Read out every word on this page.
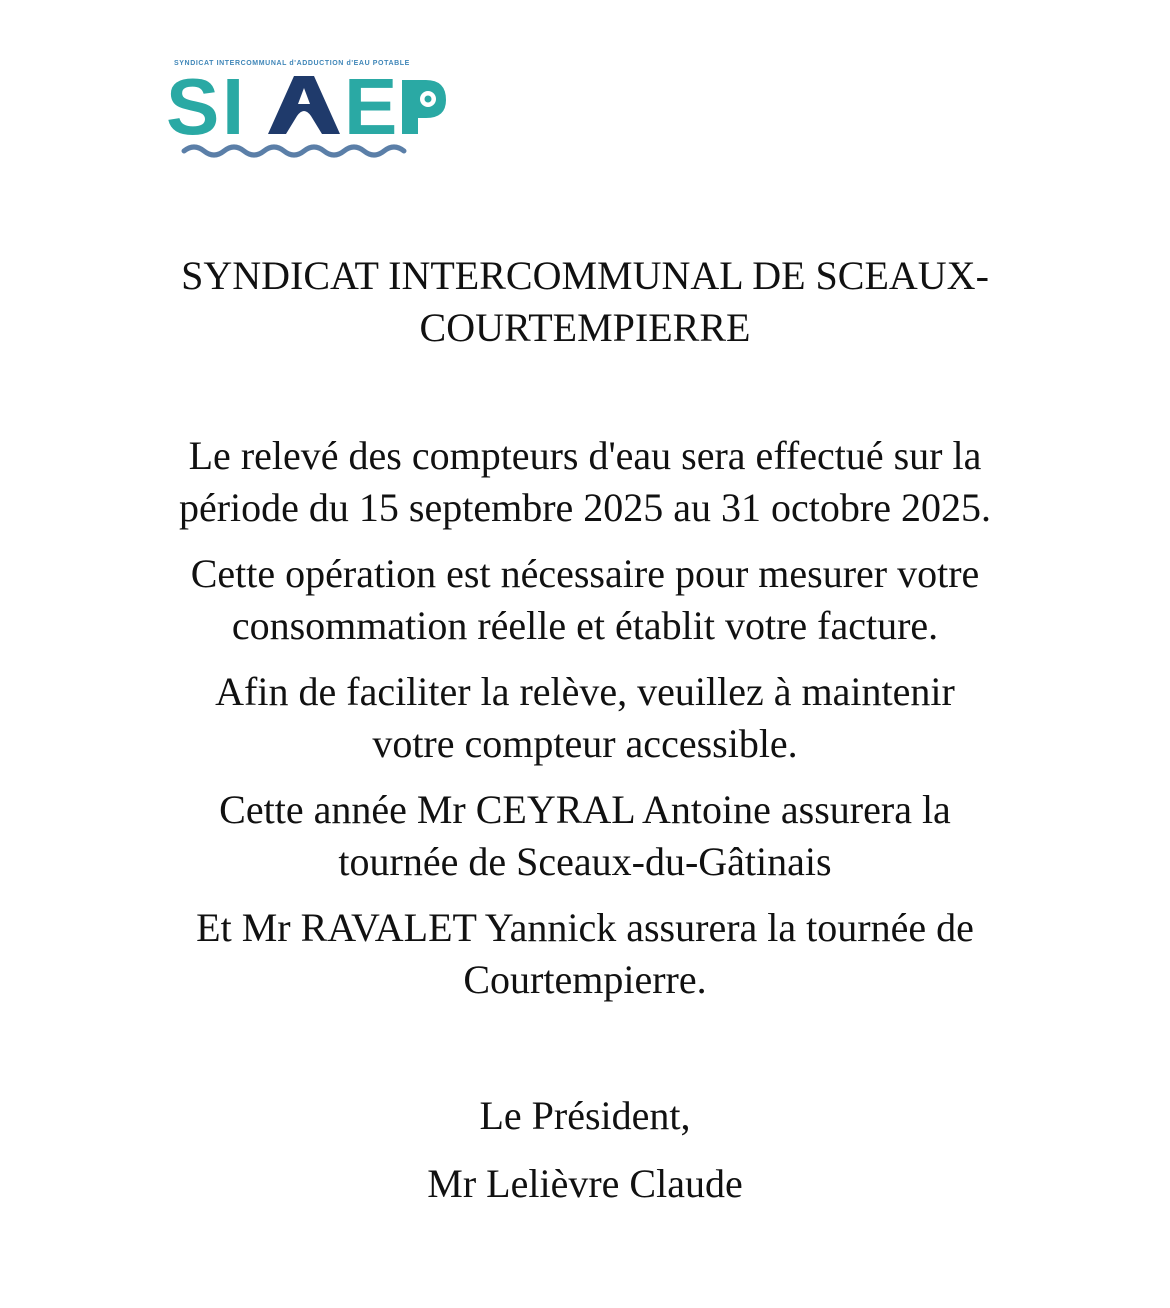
S I E
SYNDICAT INTERCOMMUNAL d'ADDUCTION d'EAU POTABLE
SYNDICAT INTERCOMMUNAL DE SCEAUX-
COURTEMPIERRE

Le relevé des compteurs d'eau sera effectué sur la
période du 15 septembre 2025 au 31 octobre 2025.

Cette opération est nécessaire pour mesurer votre
consommation réelle et établit votre facture.

Afin de faciliter la relève, veuillez à maintenir
votre compteur accessible.

Cette année Mr CEYRAL Antoine assurera la
tournée de Sceaux-du-Gâtinais

Et Mr RAVALET Yannick assurera la tournée de
Courtempierre.

Le Président,
Mr Lelièvre Claude
